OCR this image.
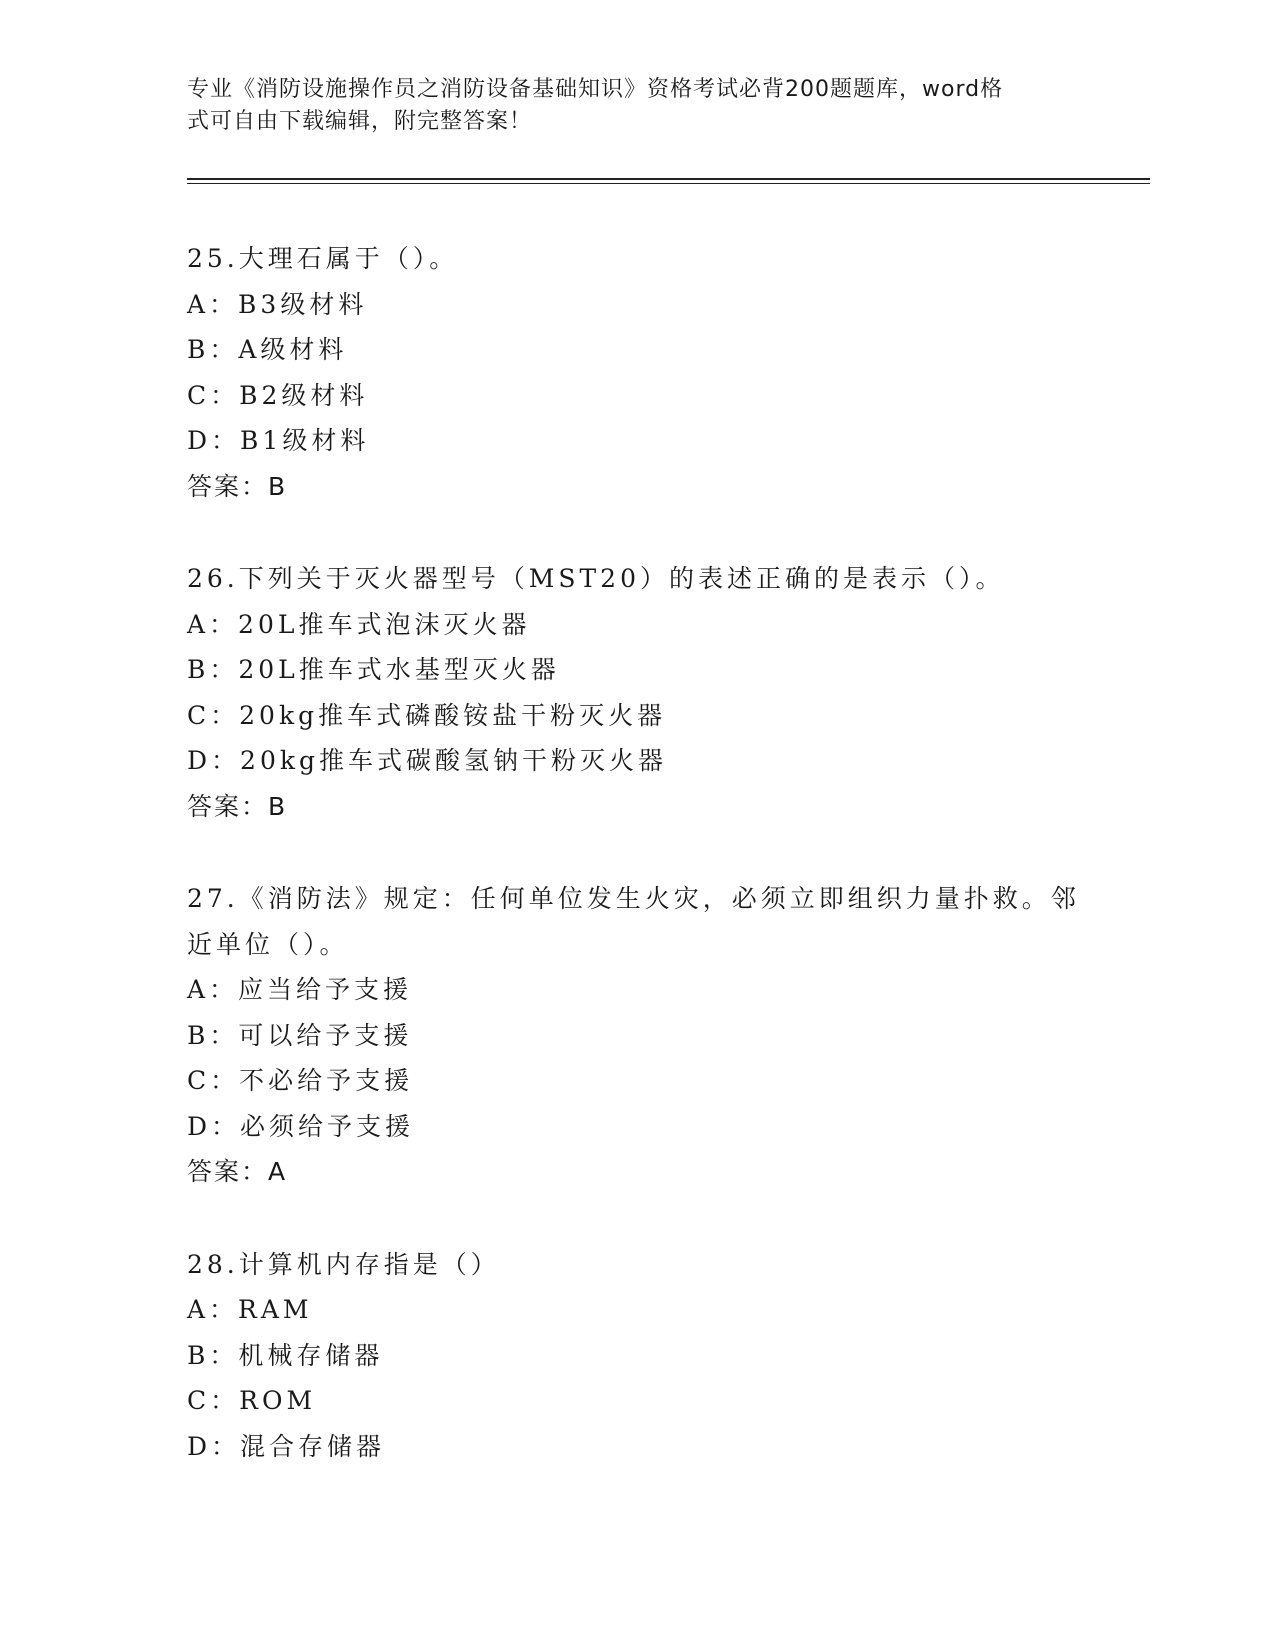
专业《消防设施操作员之消防设备基础知识》资格考试必背200题题库，word格
式可自由下载编辑，附完整答案！
25.大理石属于（）。
A：B3级材料
B：A级材料
C：B2级材料
D：B1级材料
答案：B
26.下列关于灭火器型号（MST20）的表述正确的是表示（）。
A：20L推车式泡沫灭火器
B：20L推车式水基型灭火器
C：20kg推车式磷酸铵盐干粉灭火器
D：20kg推车式碳酸氢钠干粉灭火器
答案：B
27.《消防法》规定：任何单位发生火灾，必须立即组织力量扑救。邻
近单位（）。
A：应当给予支援
B：可以给予支援
C：不必给予支援
D：必须给予支援
答案：A
28.计算机内存指是（）
A：RAM
B：机械存储器
C：ROM
D：混合存储器
